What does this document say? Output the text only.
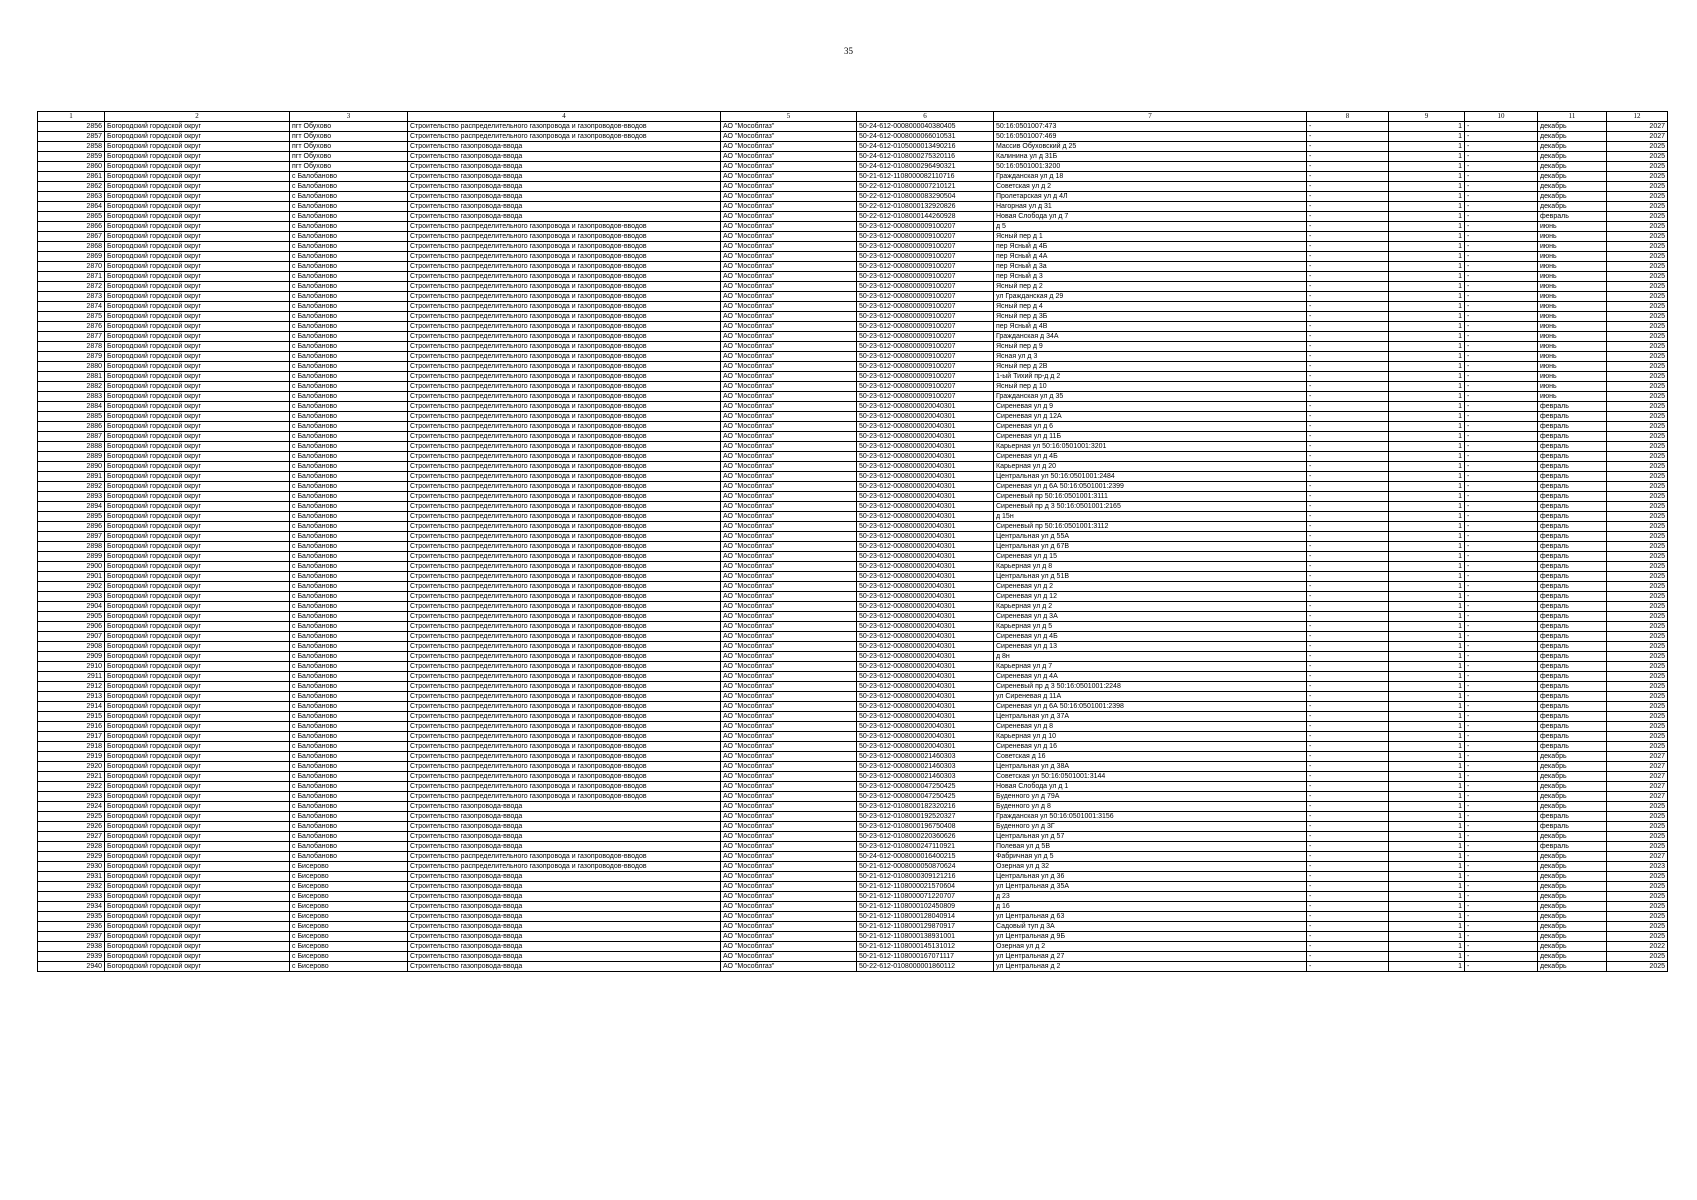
35
1	2	3	4	5	6	7	8	9	10	11	12
2856	Богородский городской округ	пгт Обухово	Строительство распределительного газопровода и газопроводов-вводов	АО "Мособлгаз"	50-24-612-0008000040380405	50:16:0501007:473	-	1	-	декабрь	2027
2857	Богородский городской округ	пгт Обухово	Строительство распределительного газопровода и газопроводов-вводов	АО "Мособлгаз"	50-24-612-0008000066010531	50:16:0501007:469	-	1	-	декабрь	2027
2858	Богородский городской округ	пгт Обухово	Строительство газопровода-ввода	АО "Мособлгаз"	50-24-612-0105000013490216	Массив Обуховский д 25	-	1	-	декабрь	2025
2859	Богородский городской округ	пгт Обухово	Строительство газопровода-ввода	АО "Мособлгаз"	50-24-612-0108000275320116	Калинина ул д 31Б	-	1	-	декабрь	2025
2860	Богородский городской округ	пгт Обухово	Строительство газопровода-ввода	АО "Мособлгаз"	50-24-612-0108000296490321	50:16:0501001:3200	-	1	-	декабрь	2025
2861	Богородский городской округ	с Балобаново	Строительство газопровода-ввода	АО "Мособлгаз"	50-21-612-1108000082110716	Гражданская ул д 18	-	1	-	декабрь	2025
2862	Богородский городской округ	с Балобаново	Строительство газопровода-ввода	АО "Мособлгаз"	50-22-612-0108000007210121	Советская ул д 2	-	1	-	декабрь	2025
2863	Богородский городской округ	с Балобаново	Строительство газопровода-ввода	АО "Мособлгаз"	50-22-612-0108000083290504	Пролетарская ул д 4Л	-	1	-	декабрь	2025
2864	Богородский городской округ	с Балобаново	Строительство газопровода-ввода	АО "Мособлгаз"	50-22-612-0108000132920826	Нагорная ул д 31	-	1	-	декабрь	2025
2865	Богородский городской округ	с Балобаново	Строительство газопровода-ввода	АО "Мособлгаз"	50-22-612-0108000144260928	Новая Слобода ул д 7	-	1	-	февраль	2025
2866	Богородский городской округ	с Балобаново	Строительство распределительного газопровода и газопроводов-вводов	АО "Мособлгаз"	50-23-612-0008000009100207	д 5	-	1	-	июнь	2025
2867	Богородский городской округ	с Балобаново	Строительство распределительного газопровода и газопроводов-вводов	АО "Мособлгаз"	50-23-612-0008000009100207	Ясный пер д 1	-	1	-	июнь	2025
2868	Богородский городской округ	с Балобаново	Строительство распределительного газопровода и газопроводов-вводов	АО "Мособлгаз"	50-23-612-0008000009100207	пер Ясный д 4Б	-	1	-	июнь	2025
2869	Богородский городской округ	с Балобаново	Строительство распределительного газопровода и газопроводов-вводов	АО "Мособлгаз"	50-23-612-0008000009100207	пер Ясный д 4А	-	1	-	июнь	2025
2870	Богородский городской округ	с Балобаново	Строительство распределительного газопровода и газопроводов-вводов	АО "Мособлгаз"	50-23-612-0008000009100207	пер Ясный д 3а	-	1	-	июнь	2025
2871	Богородский городской округ	с Балобаново	Строительство распределительного газопровода и газопроводов-вводов	АО "Мособлгаз"	50-23-612-0008000009100207	пер Ясный д 3	-	1	-	июнь	2025
2872	Богородский городской округ	с Балобаново	Строительство распределительного газопровода и газопроводов-вводов	АО "Мособлгаз"	50-23-612-0008000009100207	Ясный пер д 2	-	1	-	июнь	2025
2873	Богородский городской округ	с Балобаново	Строительство распределительного газопровода и газопроводов-вводов	АО "Мособлгаз"	50-23-612-0008000009100207	ул Гражданская д 29	-	1	-	июнь	2025
2874	Богородский городской округ	с Балобаново	Строительство распределительного газопровода и газопроводов-вводов	АО "Мособлгаз"	50-23-612-0008000009100207	Ясный пер д 4	-	1	-	июнь	2025
2875	Богородский городской округ	с Балобаново	Строительство распределительного газопровода и газопроводов-вводов	АО "Мособлгаз"	50-23-612-0008000009100207	Ясный пер д 3Б	-	1	-	июнь	2025
2876	Богородский городской округ	с Балобаново	Строительство распределительного газопровода и газопроводов-вводов	АО "Мособлгаз"	50-23-612-0008000009100207	пер Ясный д 4В	-	1	-	июнь	2025
2877	Богородский городской округ	с Балобаново	Строительство распределительного газопровода и газопроводов-вводов	АО "Мособлгаз"	50-23-612-0008000009100207	Гражданская д 34А	-	1	-	июнь	2025
2878	Богородский городской округ	с Балобаново	Строительство распределительного газопровода и газопроводов-вводов	АО "Мособлгаз"	50-23-612-0008000009100207	Ясный пер д 9	-	1	-	июнь	2025
2879	Богородский городской округ	с Балобаново	Строительство распределительного газопровода и газопроводов-вводов	АО "Мособлгаз"	50-23-612-0008000009100207	Ясная ул д 3	-	1	-	июнь	2025
2880	Богородский городской округ	с Балобаново	Строительство распределительного газопровода и газопроводов-вводов	АО "Мособлгаз"	50-23-612-0008000009100207	Ясный пер д 2В	-	1	-	июнь	2025
2881	Богородский городской округ	с Балобаново	Строительство распределительного газопровода и газопроводов-вводов	АО "Мособлгаз"	50-23-612-0008000009100207	1-ый Тихий пр-д д 2	-	1	-	июнь	2025
2882	Богородский городской округ	с Балобаново	Строительство распределительного газопровода и газопроводов-вводов	АО "Мособлгаз"	50-23-612-0008000009100207	Ясный пер д 10	-	1	-	июнь	2025
2883	Богородский городской округ	с Балобаново	Строительство распределительного газопровода и газопроводов-вводов	АО "Мособлгаз"	50-23-612-0008000009100207	Гражданская ул д 35	-	1	-	июнь	2025
2884	Богородский городской округ	с Балобаново	Строительство распределительного газопровода и газопроводов-вводов	АО "Мособлгаз"	50-23-612-0008000020040301	Сиреневая ул д 9	-	1	-	февраль	2025
2885	Богородский городской округ	с Балобаново	Строительство распределительного газопровода и газопроводов-вводов	АО "Мособлгаз"	50-23-612-0008000020040301	Сиреневая ул д 12А	-	1	-	февраль	2025
2886	Богородский городской округ	с Балобаново	Строительство распределительного газопровода и газопроводов-вводов	АО "Мособлгаз"	50-23-612-0008000020040301	Сиреневая ул д 6	-	1	-	февраль	2025
2887	Богородский городской округ	с Балобаново	Строительство распределительного газопровода и газопроводов-вводов	АО "Мособлгаз"	50-23-612-0008000020040301	Сиреневая ул д 11Б	-	1	-	февраль	2025
2888	Богородский городской округ	с Балобаново	Строительство распределительного газопровода и газопроводов-вводов	АО "Мособлгаз"	50-23-612-0008000020040301	Карьерная ул 50:16:0501001:3201	-	1	-	февраль	2025
2889	Богородский городской округ	с Балобаново	Строительство распределительного газопровода и газопроводов-вводов	АО "Мособлгаз"	50-23-612-0008000020040301	Сиреневая ул д 4Б	-	1	-	февраль	2025
2890	Богородский городской округ	с Балобаново	Строительство распределительного газопровода и газопроводов-вводов	АО "Мособлгаз"	50-23-612-0008000020040301	Карьерная ул д 20	-	1	-	февраль	2025
2891	Богородский городской округ	с Балобаново	Строительство распределительного газопровода и газопроводов-вводов	АО "Мособлгаз"	50-23-612-0008000020040301	Центральная ул 50:16:0501001:2484	-	1	-	февраль	2025
2892	Богородский городской округ	с Балобаново	Строительство распределительного газопровода и газопроводов-вводов	АО "Мособлгаз"	50-23-612-0008000020040301	Сиреневая ул д 6А 50:16:0501001:2399	-	1	-	февраль	2025
2893	Богородский городской округ	с Балобаново	Строительство распределительного газопровода и газопроводов-вводов	АО "Мособлгаз"	50-23-612-0008000020040301	Сиреневый пр 50:16:0501001:3111	-	1	-	февраль	2025
2894	Богородский городской округ	с Балобаново	Строительство распределительного газопровода и газопроводов-вводов	АО "Мособлгаз"	50-23-612-0008000020040301	Сиреневый пр д 3 50:16:0501001:2165	-	1	-	февраль	2025
2895	Богородский городской округ	с Балобаново	Строительство распределительного газопровода и газопроводов-вводов	АО "Мособлгаз"	50-23-612-0008000020040301	д 15н	-	1	-	февраль	2025
2896	Богородский городской округ	с Балобаново	Строительство распределительного газопровода и газопроводов-вводов	АО "Мособлгаз"	50-23-612-0008000020040301	Сиреневый пр 50:16:0501001:3112	-	1	-	февраль	2025
2897	Богородский городской округ	с Балобаново	Строительство распределительного газопровода и газопроводов-вводов	АО "Мособлгаз"	50-23-612-0008000020040301	Центральная ул д 55А	-	1	-	февраль	2025
2898	Богородский городской округ	с Балобаново	Строительство распределительного газопровода и газопроводов-вводов	АО "Мособлгаз"	50-23-612-0008000020040301	Центральная ул д 67В	-	1	-	февраль	2025
2899	Богородский городской округ	с Балобаново	Строительство распределительного газопровода и газопроводов-вводов	АО "Мособлгаз"	50-23-612-0008000020040301	Сиреневая ул д 15	-	1	-	февраль	2025
2900	Богородский городской округ	с Балобаново	Строительство распределительного газопровода и газопроводов-вводов	АО "Мособлгаз"	50-23-612-0008000020040301	Карьерная ул д 8	-	1	-	февраль	2025
2901	Богородский городской округ	с Балобаново	Строительство распределительного газопровода и газопроводов-вводов	АО "Мособлгаз"	50-23-612-0008000020040301	Центральная ул д 51В	-	1	-	февраль	2025
2902	Богородский городской округ	с Балобаново	Строительство распределительного газопровода и газопроводов-вводов	АО "Мособлгаз"	50-23-612-0008000020040301	Сиреневая ул д 2	-	1	-	февраль	2025
2903	Богородский городской округ	с Балобаново	Строительство распределительного газопровода и газопроводов-вводов	АО "Мособлгаз"	50-23-612-0008000020040301	Сиреневая ул д 12	-	1	-	февраль	2025
2904	Богородский городской округ	с Балобаново	Строительство распределительного газопровода и газопроводов-вводов	АО "Мособлгаз"	50-23-612-0008000020040301	Карьерная ул д 2	-	1	-	февраль	2025
2905	Богородский городской округ	с Балобаново	Строительство распределительного газопровода и газопроводов-вводов	АО "Мособлгаз"	50-23-612-0008000020040301	Сиреневая ул д 3А	-	1	-	февраль	2025
2906	Богородский городской округ	с Балобаново	Строительство распределительного газопровода и газопроводов-вводов	АО "Мособлгаз"	50-23-612-0008000020040301	Карьерная ул д 5	-	1	-	февраль	2025
2907	Богородский городской округ	с Балобаново	Строительство распределительного газопровода и газопроводов-вводов	АО "Мособлгаз"	50-23-612-0008000020040301	Сиреневая ул д 4Б	-	1	-	февраль	2025
2908	Богородский городской округ	с Балобаново	Строительство распределительного газопровода и газопроводов-вводов	АО "Мособлгаз"	50-23-612-0008000020040301	Сиреневая ул д 13	-	1	-	февраль	2025
2909	Богородский городской округ	с Балобаново	Строительство распределительного газопровода и газопроводов-вводов	АО "Мособлгаз"	50-23-612-0008000020040301	д 8н	-	1	-	февраль	2025
2910	Богородский городской округ	с Балобаново	Строительство распределительного газопровода и газопроводов-вводов	АО "Мособлгаз"	50-23-612-0008000020040301	Карьерная ул д 7	-	1	-	февраль	2025
2911	Богородский городской округ	с Балобаново	Строительство распределительного газопровода и газопроводов-вводов	АО "Мособлгаз"	50-23-612-0008000020040301	Сиреневая ул д 4А	-	1	-	февраль	2025
2912	Богородский городской округ	с Балобаново	Строительство распределительного газопровода и газопроводов-вводов	АО "Мособлгаз"	50-23-612-0008000020040301	Сиреневый пр д 3 50:16:0501001:2248	-	1	-	февраль	2025
2913	Богородский городской округ	с Балобаново	Строительство распределительного газопровода и газопроводов-вводов	АО "Мособлгаз"	50-23-612-0008000020040301	ул Сиреневая д 11А	-	1	-	февраль	2025
2914	Богородский городской округ	с Балобаново	Строительство распределительного газопровода и газопроводов-вводов	АО "Мособлгаз"	50-23-612-0008000020040301	Сиреневая ул д 6А 50:16:0501001:2398	-	1	-	февраль	2025
2915	Богородский городской округ	с Балобаново	Строительство распределительного газопровода и газопроводов-вводов	АО "Мособлгаз"	50-23-612-0008000020040301	Центральная ул д 37А	-	1	-	февраль	2025
2916	Богородский городской округ	с Балобаново	Строительство распределительного газопровода и газопроводов-вводов	АО "Мособлгаз"	50-23-612-0008000020040301	Сиреневая ул д 8	-	1	-	февраль	2025
2917	Богородский городской округ	с Балобаново	Строительство распределительного газопровода и газопроводов-вводов	АО "Мособлгаз"	50-23-612-0008000020040301	Карьерная ул д 10	-	1	-	февраль	2025
2918	Богородский городской округ	с Балобаново	Строительство распределительного газопровода и газопроводов-вводов	АО "Мособлгаз"	50-23-612-0008000020040301	Сиреневая ул д 16	-	1	-	февраль	2025
2919	Богородский городской округ	с Балобаново	Строительство распределительного газопровода и газопроводов-вводов	АО "Мособлгаз"	50-23-612-0008000021460303	Советская д 16	-	1	-	декабрь	2027
2920	Богородский городской округ	с Балобаново	Строительство распределительного газопровода и газопроводов-вводов	АО "Мособлгаз"	50-23-612-0008000021460303	Центральная ул д 38А	-	1	-	декабрь	2027
2921	Богородский городской округ	с Балобаново	Строительство распределительного газопровода и газопроводов-вводов	АО "Мособлгаз"	50-23-612-0008000021460303	Советская ул 50:16:0501001:3144	-	1	-	декабрь	2027
2922	Богородский городской округ	с Балобаново	Строительство распределительного газопровода и газопроводов-вводов	АО "Мособлгаз"	50-23-612-0008000047250425	Новая Слобода ул д 1	-	1	-	декабрь	2027
2923	Богородский городской округ	с Балобаново	Строительство распределительного газопровода и газопроводов-вводов	АО "Мособлгаз"	50-23-612-0008000047250425	Буденного ул д 79А	-	1	-	декабрь	2027
2924	Богородский городской округ	с Балобаново	Строительство газопровода-ввода	АО "Мособлгаз"	50-23-612-0108000182320216	Буденного ул д 8	-	1	-	декабрь	2025
2925	Богородский городской округ	с Балобаново	Строительство газопровода-ввода	АО "Мособлгаз"	50-23-612-0108000192520327	Гражданская ул 50:16:0501001:3156	-	1	-	февраль	2025
2926	Богородский городской округ	с Балобаново	Строительство газопровода-ввода	АО "Мособлгаз"	50-23-612-0108000196750408	Буденного ул д 3Г	-	1	-	февраль	2025
2927	Богородский городской округ	с Балобаново	Строительство газопровода-ввода	АО "Мособлгаз"	50-23-612-0108000220360626	Центральная ул д 57	-	1	-	декабрь	2025
2928	Богородский городской округ	с Балобаново	Строительство газопровода-ввода	АО "Мособлгаз"	50-23-612-0108000247110921	Полевая ул д 5В	-	1	-	февраль	2025
2929	Богородский городской округ	с Балобаново	Строительство распределительного газопровода и газопроводов-вводов	АО "Мособлгаз"	50-24-612-0008000016400215	Фабричная ул д 5	-	1	-	декабрь	2027
2930	Богородский городской округ	с Бисерово	Строительство распределительного газопровода и газопроводов-вводов	АО "Мособлгаз"	50-21-612-0008000050870624	Озерная ул д 32	-	1	-	декабрь	2023
2931	Богородский городской округ	с Бисерово	Строительство газопровода-ввода	АО "Мособлгаз"	50-21-612-0108000309121216	Центральная ул д 36	-	1	-	декабрь	2025
2932	Богородский городской округ	с Бисерово	Строительство газопровода-ввода	АО "Мособлгаз"	50-21-612-1108000021570604	ул Центральная д 35А	-	1	-	декабрь	2025
2933	Богородский городской округ	с Бисерово	Строительство газопровода-ввода	АО "Мособлгаз"	50-21-612-1108000071220707	д 23	-	1	-	декабрь	2025
2934	Богородский городской округ	с Бисерово	Строительство газопровода-ввода	АО "Мособлгаз"	50-21-612-1108000102450809	д 16	-	1	-	декабрь	2025
2935	Богородский городской округ	с Бисерово	Строительство газопровода-ввода	АО "Мособлгаз"	50-21-612-1108000128040914	ул Центральная д 63	-	1	-	декабрь	2025
2936	Богородский городской округ	с Бисерово	Строительство газопровода-ввода	АО "Мособлгаз"	50-21-612-1108000129870917	Садовый туп д 3А	-	1	-	декабрь	2025
2937	Богородский городской округ	с Бисерово	Строительство газопровода-ввода	АО "Мособлгаз"	50-21-612-1108000138931001	ул Центральная д 9Б	-	1	-	декабрь	2025
2938	Богородский городской округ	с Бисерово	Строительство газопровода-ввода	АО "Мособлгаз"	50-21-612-1108000145131012	Озерная ул д 2	-	1	-	декабрь	2022
2939	Богородский городской округ	с Бисерово	Строительство газопровода-ввода	АО "Мособлгаз"	50-21-612-1108000167071117	ул Центральная д 27	-	1	-	декабрь	2025
2940	Богородский городской округ	с Бисерово	Строительство газопровода-ввода	АО "Мособлгаз"	50-22-612-0108000001860112	ул Центральная д 2	-	1	-	декабрь	2025
